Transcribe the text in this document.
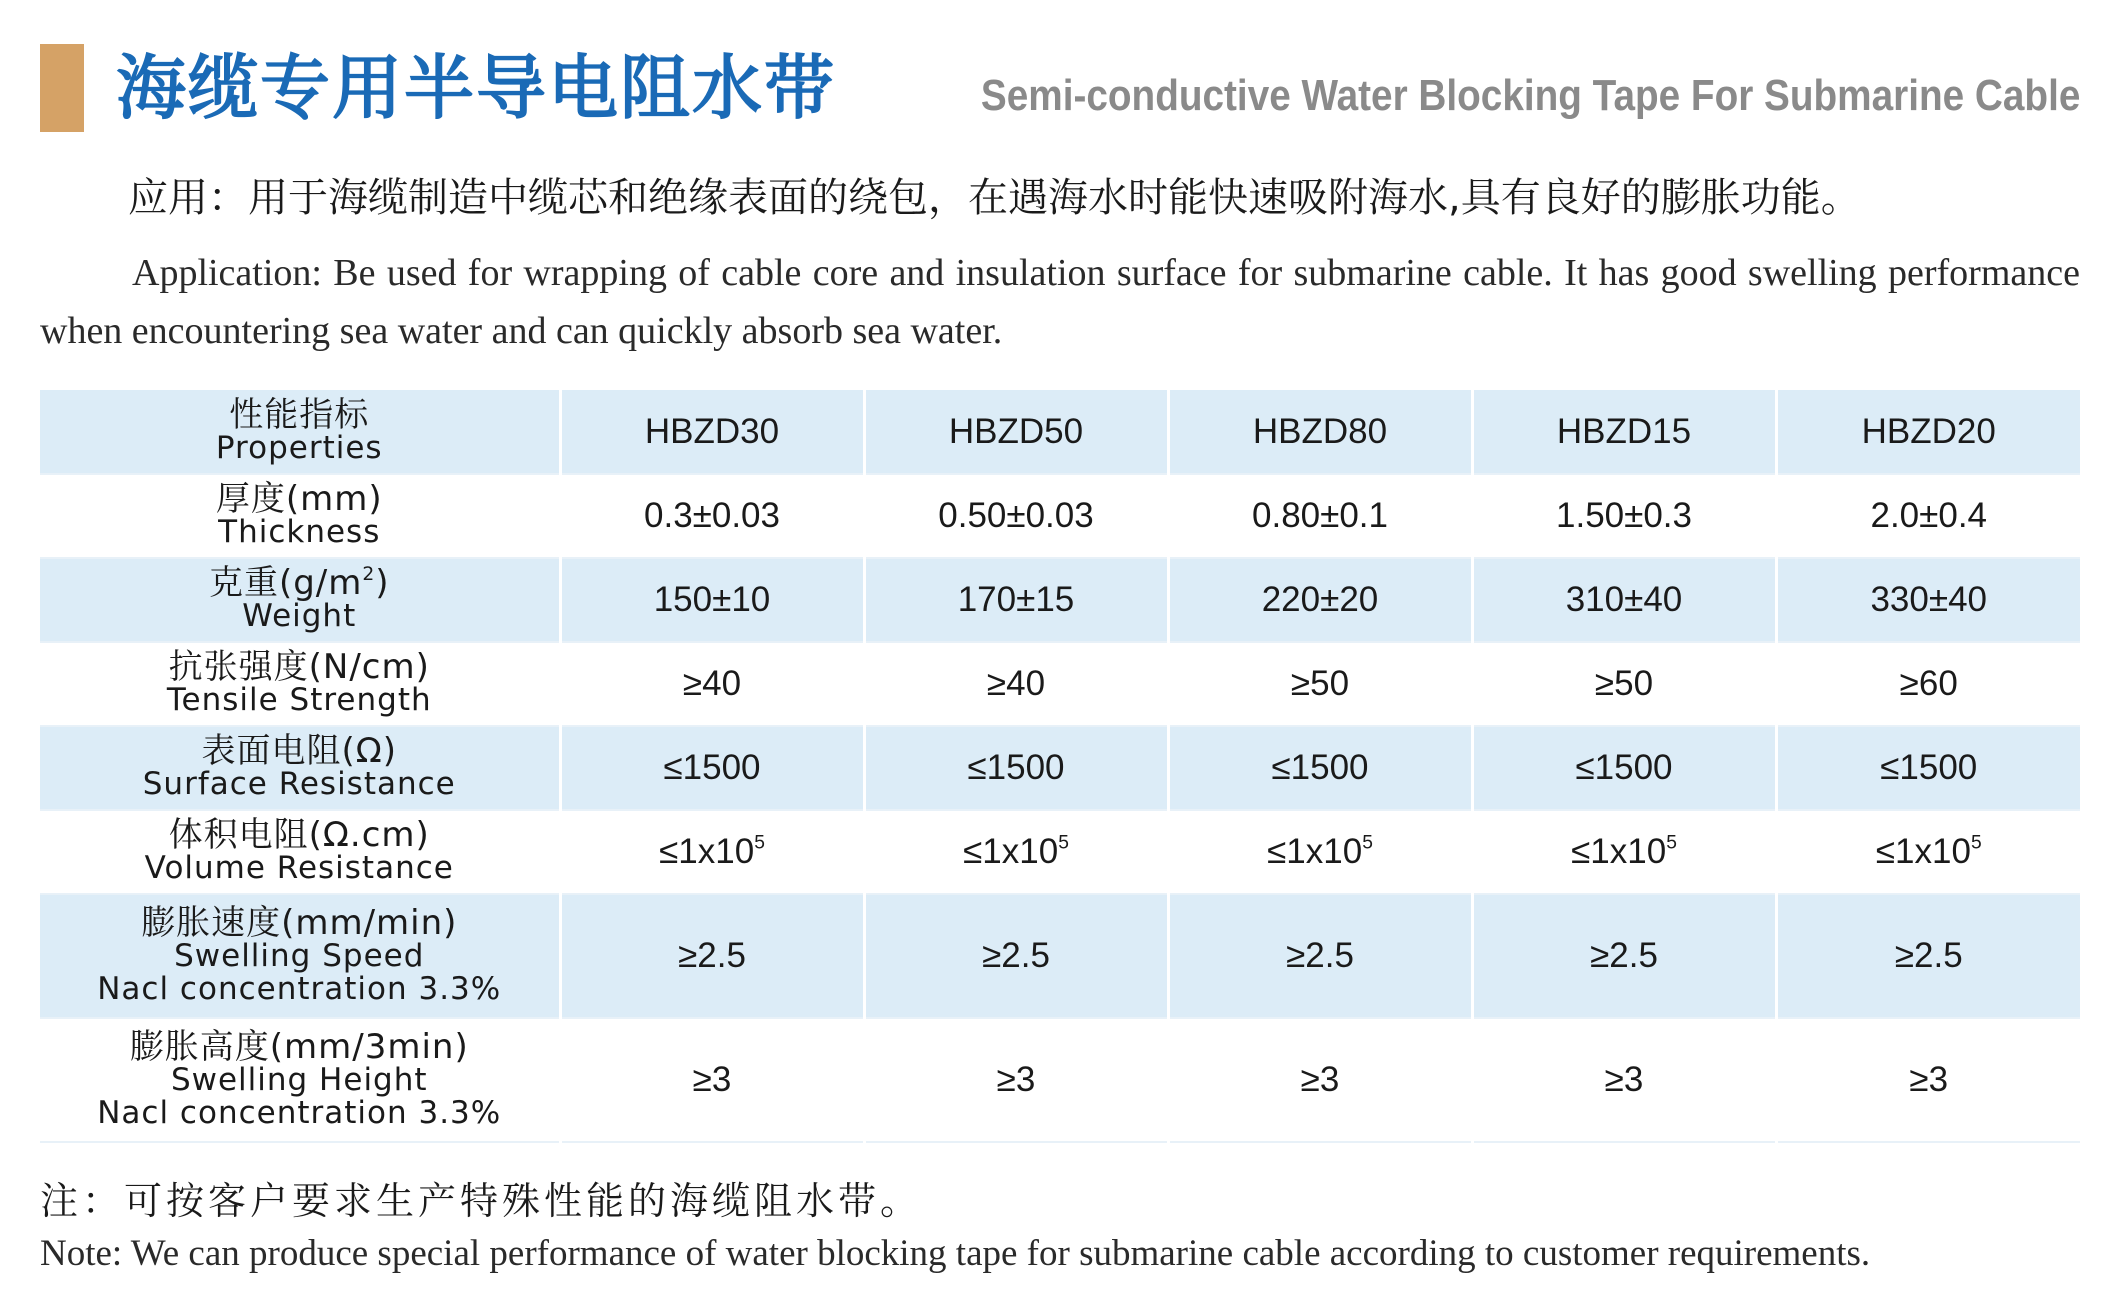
海缆专用半导电阻水带	Semi-conductive Water Blocking Tape For Submarine Cable
应用：用于海缆制造中缆芯和绝缘表面的绕包，在遇海水时能快速吸附海水,具有良好的膨胀功能。
Application: Be used for wrapping of cable core and insulation surface for submarine cable. It has good swelling performance when encountering sea water and can quickly absorb sea water.
性能指标
Properties	HBZD30	HBZD50	HBZD80	HBZD15	HBZD20

厚度(mm)
Thickness	0.3±0.03	0.50±0.03	0.80±0.1	1.50±0.3	2.0±0.4

克重$(g/m^2)$
Weight	150±10	170±15	220±20	310±40	330±40

抗张强度(N/cm)
Tensile Strength	≥40	≥40	≥50	≥50	≥60

表面电阻(Ω)
Surface Resistance	≤1500	≤1500	≤1500	≤1500	≤1500

体积电阻(Ω.cm)
Volume Resistance	$\le 1x10^5$	$\le 1x10^5$	$\le 1x10^5$	$\le 1x10^5$	$\le 1x10^5$

膨胀速度(mm/min)
Swelling Speed
Nacl concentration 3.3%	≥2.5	≥2.5	≥2.5	≥2.5	≥2.5

膨胀高度(mm/3min)
Swelling Height
Nacl concentration 3.3%	≥3	≥3	≥3	≥3	≥3
注：可按客户要求生产特殊性能的海缆阻水带。
Note: We can produce special performance of water blocking tape for submarine cable according to customer requirements.
